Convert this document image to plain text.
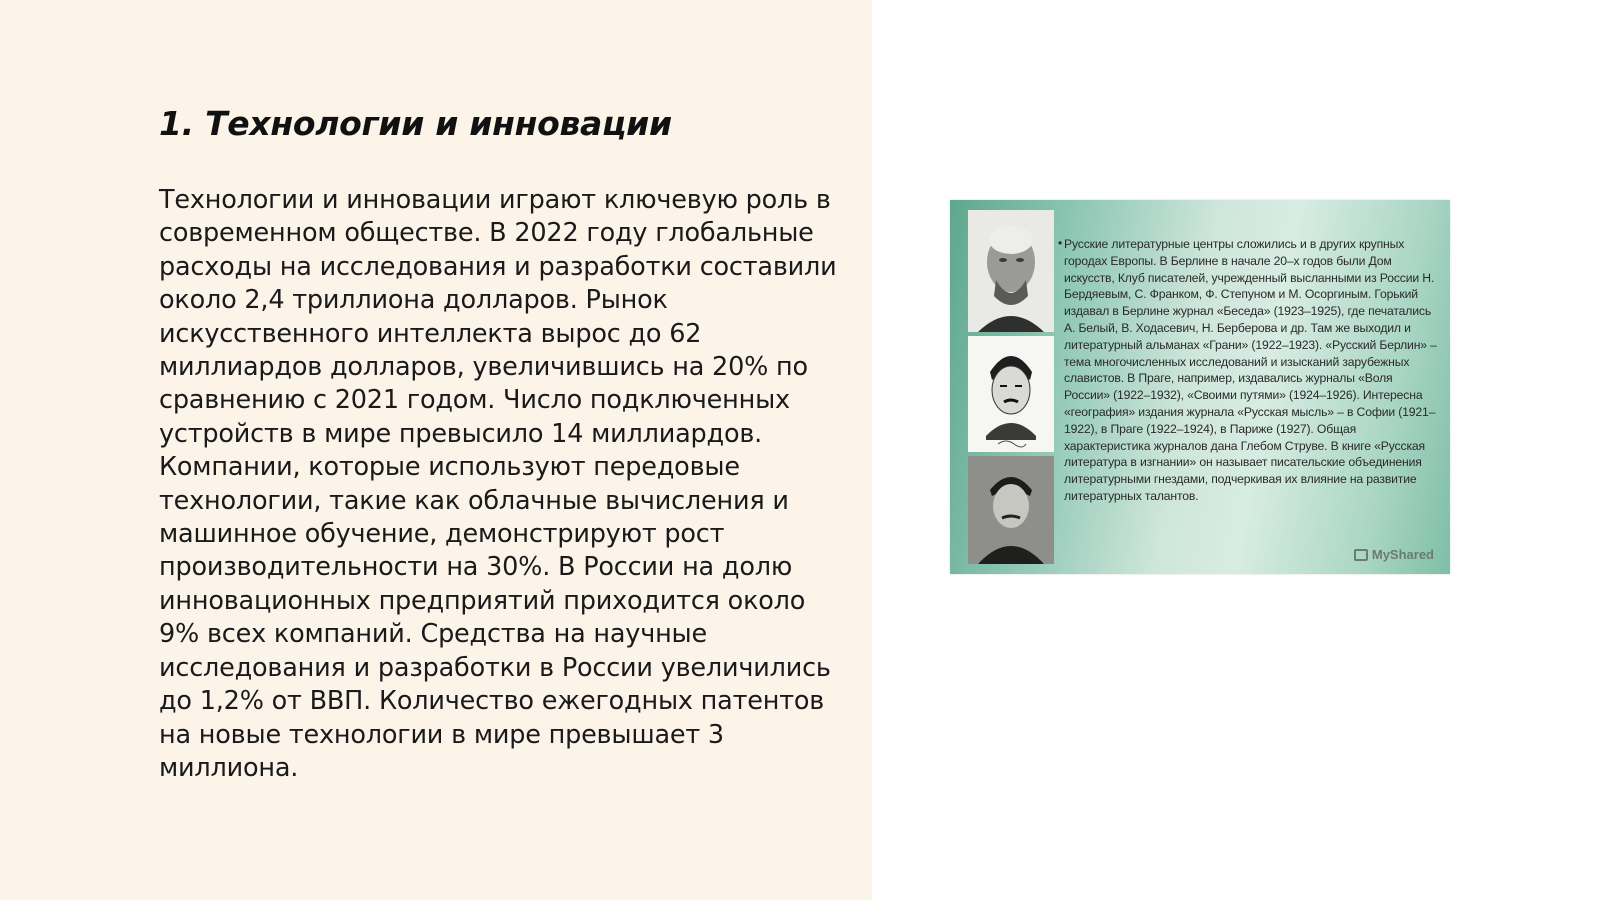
1. Технологии и инновации

Технологии и инновации играют ключевую роль в современном обществе. В 2022 году глобальные расходы на исследования и разработки составили около 2,4 триллиона долларов. Рынок искусственного интеллекта вырос до 62 миллиардов долларов, увеличившись на 20% по сравнению с 2021 годом. Число подключенных устройств в мире превысило 14 миллиардов. Компании, которые используют передовые технологии, такие как облачные вычисления и машинное обучение, демонстрируют рост производительности на 30%. В России на долю инновационных предприятий приходится около 9% всех компаний. Средства на научные исследования и разработки в России увеличились до 1,2% от ВВП. Количество ежегодных патентов на новые технологии в мире превышает 3 миллиона.

• Русские литературные центры сложились и в других крупных городах Европы. В Берлине в начале 20–х годов были Дом искусств, Клуб писателей, учрежденный высланными из России Н. Бердяевым, С. Франком, Ф. Степуном и М. Осоргиным. Горький издавал в Берлине журнал «Беседа» (1923–1925), где печатались А. Белый, В. Ходасевич, Н. Берберова и др. Там же выходил и литературный альманах «Грани» (1922–1923). «Русский Берлин» – тема многочисленных исследований и изысканий зарубежных славистов. В Праге, например, издавались журналы «Воля России» (1922–1932), «Своими путями» (1924–1926). Интересна «география» издания журнала «Русская мысль» – в Софии (1921–1922), в Праге (1922–1924), в Париже (1927). Общая характеристика журналов дана Глебом Струве. В книге «Русская литература в изгнании» он называет писательские объединения литературными гнездами, подчеркивая их влияние на развитие литературных талантов.

MyShared
